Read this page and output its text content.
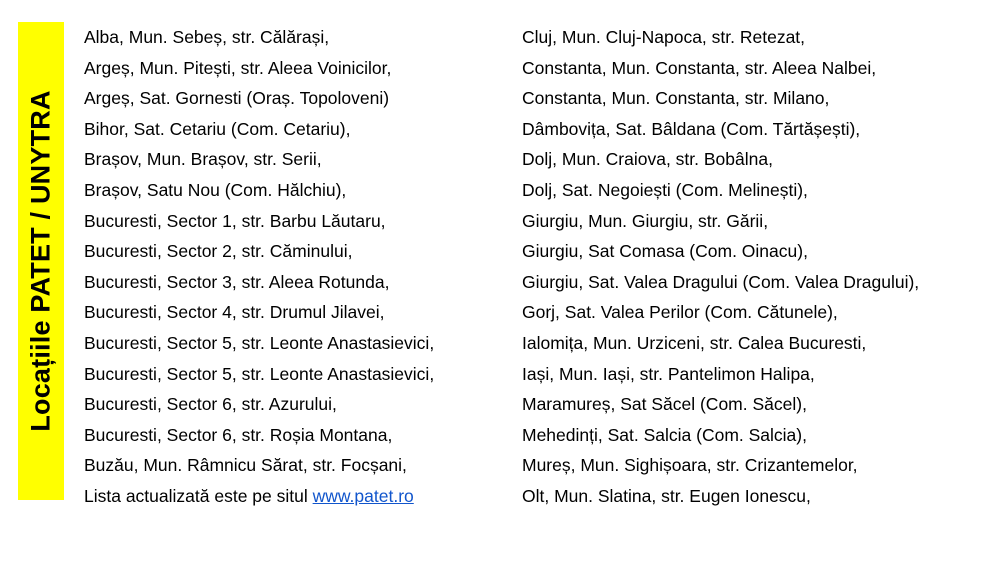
Locațiile PATET / UNYTRA
Alba, Mun. Sebeș, str. Călărași,
Argeș, Mun. Pitești, str. Aleea Voinicilor,
Argeș, Sat. Gornesti (Oraș. Topoloveni)
Bihor, Sat. Cetariu (Com. Cetariu),
Brașov, Mun. Brașov, str. Serii,
Brașov, Satu Nou (Com. Hălchiu),
Bucuresti, Sector 1, str. Barbu Lăutaru,
Bucuresti, Sector 2, str. Căminului,
Bucuresti, Sector 3, str. Aleea Rotunda,
Bucuresti, Sector 4, str. Drumul Jilavei,
Bucuresti, Sector 5, str. Leonte Anastasievici,
Bucuresti, Sector 5, str. Leonte Anastasievici,
Bucuresti, Sector 6, str. Azurului,
Bucuresti, Sector 6, str. Roșia Montana,
Buzău, Mun. Râmnicu Sărat, str. Focșani,
Lista actualizată este pe situl www.patet.ro
Cluj, Mun. Cluj-Napoca, str. Retezat,
Constanta, Mun. Constanta, str. Aleea Nalbei,
Constanta, Mun. Constanta, str. Milano,
Dâmbovița, Sat. Bâldana (Com. Tărtășești),
Dolj, Mun. Craiova, str. Bobâlna,
Dolj, Sat. Negoiești (Com. Melinești),
Giurgiu, Mun. Giurgiu, str. Gării,
Giurgiu, Sat Comasa (Com. Oinacu),
Giurgiu, Sat. Valea Dragului (Com. Valea Dragului),
Gorj, Sat. Valea Perilor (Com. Cătunele),
Ialomița, Mun. Urziceni, str. Calea Bucuresti,
Iași, Mun. Iași, str. Pantelimon Halipa,
Maramureș, Sat Săcel (Com. Săcel),
Mehedinți, Sat. Salcia (Com. Salcia),
Mureș, Mun. Sighișoara, str. Crizantemelor,
Olt, Mun. Slatina, str. Eugen Ionescu,
